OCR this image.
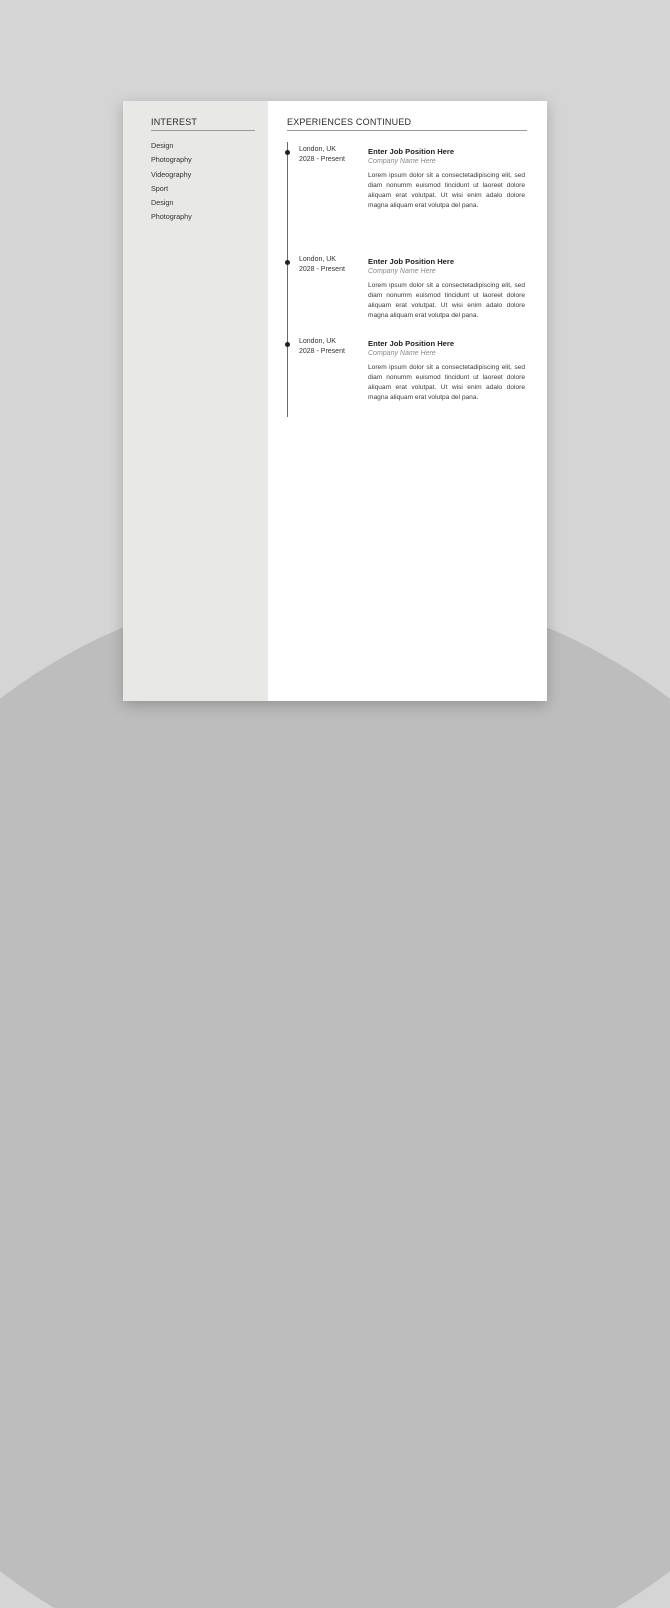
INTEREST
Design
Photography
Videography
Sport
Design
Photography
EXPERIENCES CONTINUED
London, UK
2028 - Present
Enter Job Position Here
Company Name Here

Lorem ipsum dolor sit a consectetadipiscing elit, sed diam nonumm euismod tincidunt ut laoreet dolore aliquam erat volutpat. Ut wisi enim adalo dolore magna aliquam erat volutpa del pana.

London, UK
2028 - Present
Enter Job Position Here
Company Name Here

Lorem ipsum dolor sit a consectetadipiscing elit, sed diam nonumm euismod tincidunt ut laoreet dolore aliquam erat volutpat. Ut wisi enim adalo dolore magna aliquam erat volutpa del pana.

London, UK
2028 - Present
Enter Job Position Here
Company Name Here

Lorem ipsum dolor sit a consectetadipiscing elit, sed diam nonumm euismod tincidunt ut laoreet dolore aliquam erat volutpat. Ut wisi enim adalo dolore magna aliquam erat volutpa del pana.
